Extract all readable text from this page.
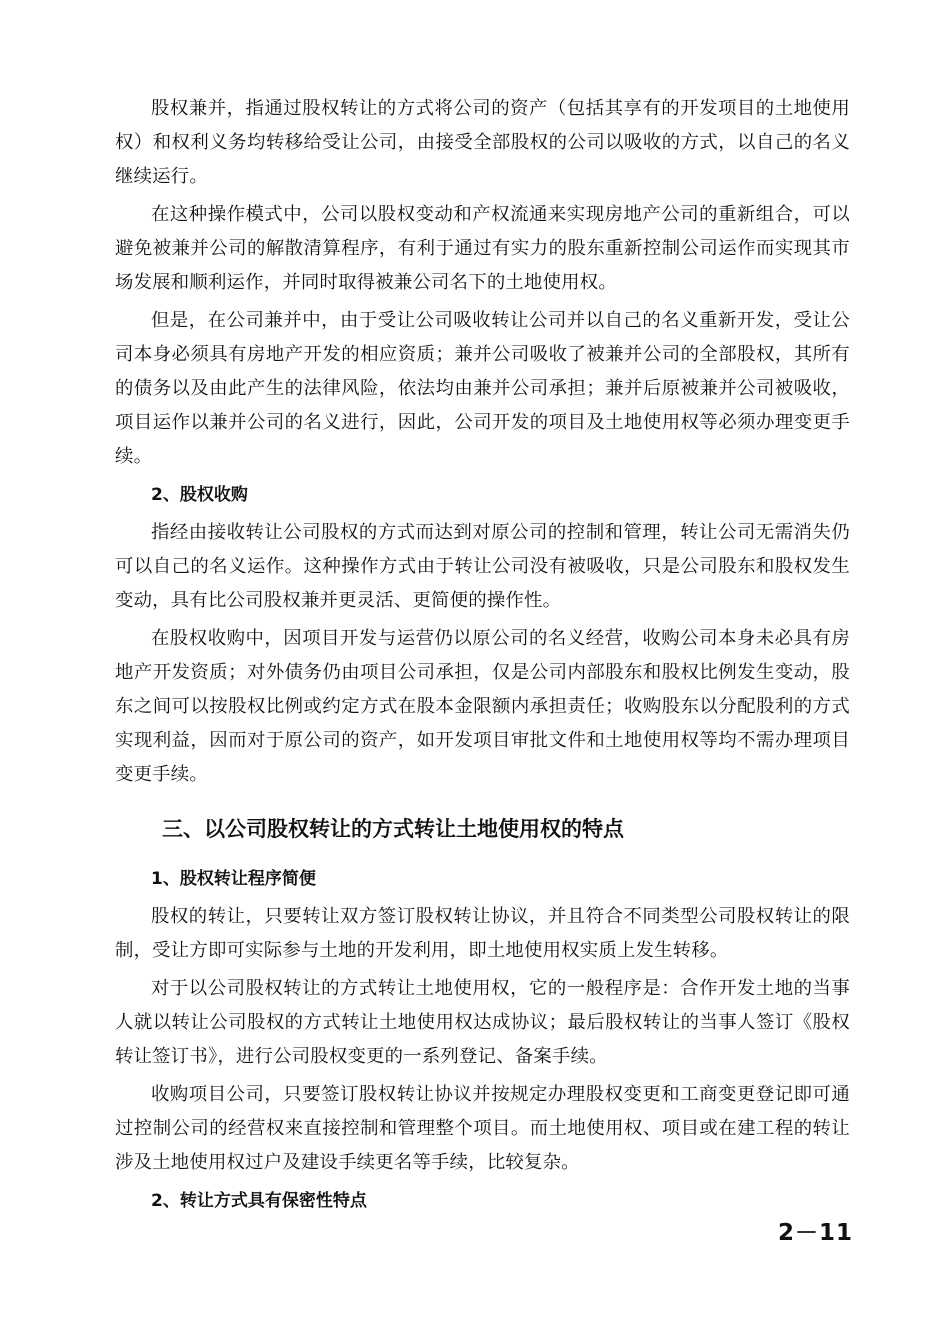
股权兼并，指通过股权转让的方式将公司的资产（包括其享有的开发项目的土地使用权）和权利义务均转移给受让公司，由接受全部股权的公司以吸收的方式，以自己的名义继续运行。

在这种操作模式中，公司以股权变动和产权流通来实现房地产公司的重新组合，可以避免被兼并公司的解散清算程序，有利于通过有实力的股东重新控制公司运作而实现其市场发展和顺利运作，并同时取得被兼公司名下的土地使用权。

但是，在公司兼并中，由于受让公司吸收转让公司并以自己的名义重新开发，受让公司本身必须具有房地产开发的相应资质；兼并公司吸收了被兼并公司的全部股权，其所有的债务以及由此产生的法律风险，依法均由兼并公司承担；兼并后原被兼并公司被吸收，项目运作以兼并公司的名义进行，因此，公司开发的项目及土地使用权等必须办理变更手续。

2、股权收购

指经由接收转让公司股权的方式而达到对原公司的控制和管理，转让公司无需消失仍可以自己的名义运作。这种操作方式由于转让公司没有被吸收，只是公司股东和股权发生变动，具有比公司股权兼并更灵活、更简便的操作性。

在股权收购中，因项目开发与运营仍以原公司的名义经营，收购公司本身未必具有房地产开发资质；对外债务仍由项目公司承担，仅是公司内部股东和股权比例发生变动，股东之间可以按股权比例或约定方式在股本金限额内承担责任；收购股东以分配股利的方式实现利益，因而对于原公司的资产，如开发项目审批文件和土地使用权等均不需办理项目变更手续。

三、以公司股权转让的方式转让土地使用权的特点
1、股权转让程序简便

股权的转让，只要转让双方签订股权转让协议，并且符合不同类型公司股权转让的限制，受让方即可实际参与土地的开发利用，即土地使用权实质上发生转移。

对于以公司股权转让的方式转让土地使用权，它的一般程序是：合作开发土地的当事人就以转让公司股权的方式转让土地使用权达成协议；最后股权转让的当事人签订《股权转让签订书》，进行公司股权变更的一系列登记、备案手续。

收购项目公司，只要签订股权转让协议并按规定办理股权变更和工商变更登记即可通过控制公司的经营权来直接控制和管理整个项目。而土地使用权、项目或在建工程的转让涉及土地使用权过户及建设手续更名等手续，比较复杂。

2、转让方式具有保密性特点
2－11
